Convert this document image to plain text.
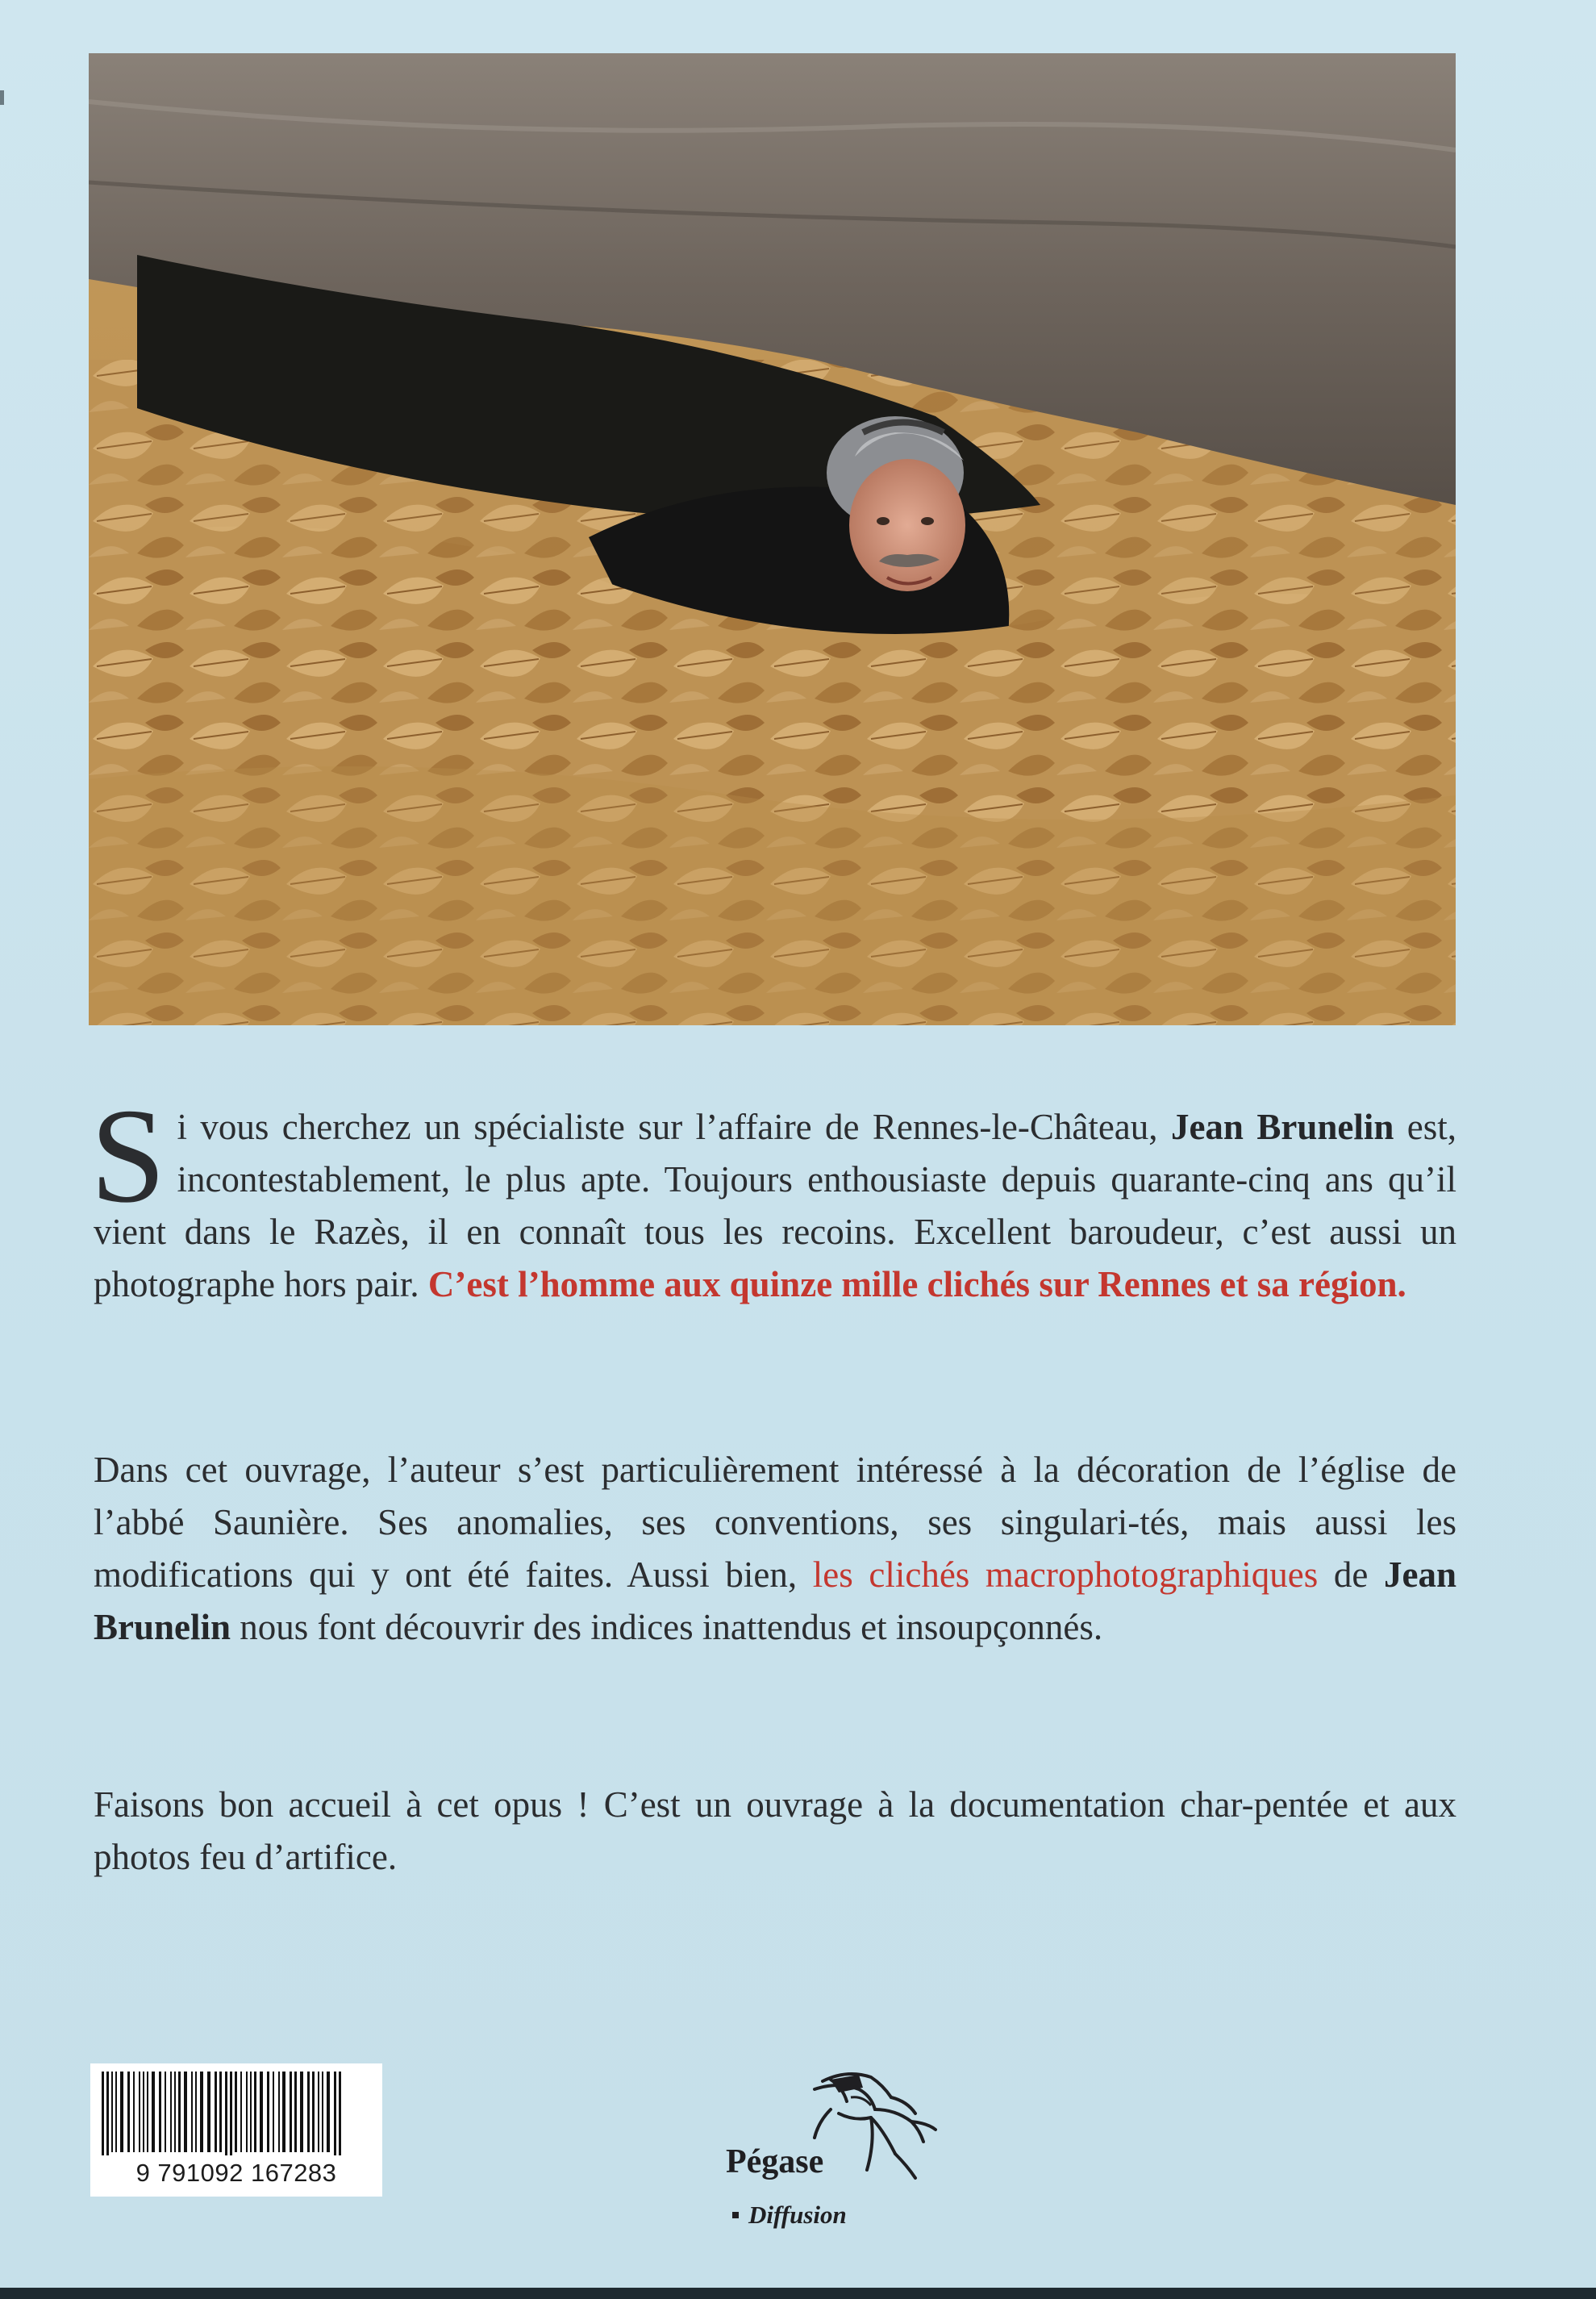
Si vous cherchez un spécialiste sur l’affaire de Rennes-le-Château, Jean Brunelin est, incontestablement, le plus apte. Toujours enthousiaste depuis quarante-cinq ans qu’il vient dans le Razès, il en connaît tous les recoins. Excellent baroudeur, c’est aussi un photographe hors pair. C’est l’homme aux quinze mille clichés sur Rennes et sa région.

Dans cet ouvrage, l’auteur s’est particulièrement intéressé à la décoration de l’église de l’abbé Saunière. Ses anomalies, ses conventions, ses singulari-tés, mais aussi les modifications qui y ont été faites. Aussi bien, les clichés macrophotographiques de Jean Brunelin nous font découvrir des indices inattendus et insoupçonnés.

Faisons bon accueil à cet opus ! C’est un ouvrage à la documentation char-pentée et aux photos feu d’artifice.

9 791092 167283	Pégase
Diffusion
